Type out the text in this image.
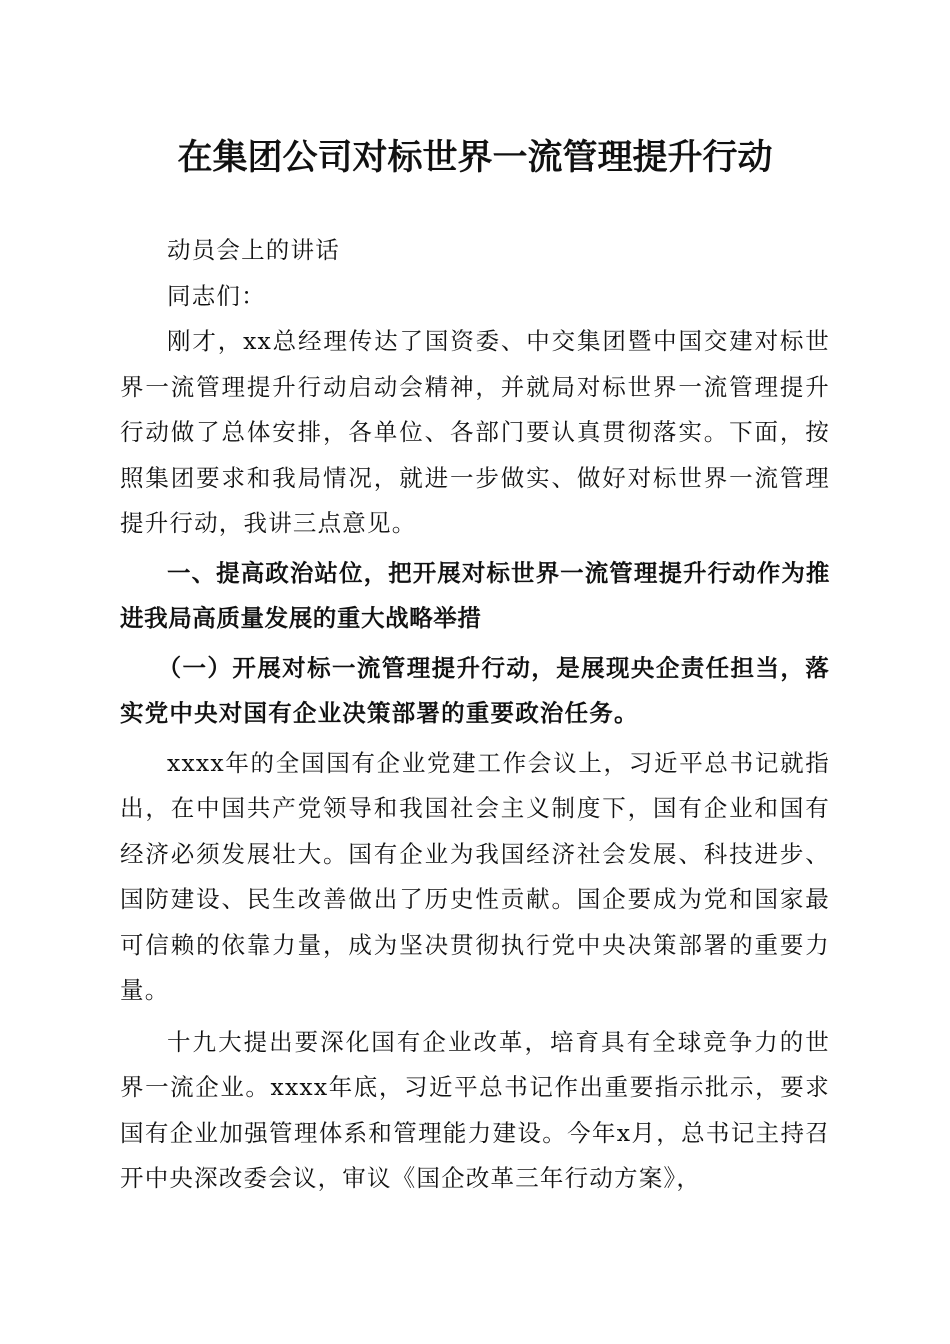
在集团公司对标世界一流管理提升行动

动员会上的讲话

同志们：

刚才，xx总经理传达了国资委、中交集团暨中国交建对标世界一流管理提升行动启动会精神，并就局对标世界一流管理提升行动做了总体安排，各单位、各部门要认真贯彻落实。下面，按照集团要求和我局情况，就进一步做实、做好对标世界一流管理提升行动，我讲三点意见。

一、提高政治站位，把开展对标世界一流管理提升行动作为推进我局高质量发展的重大战略举措

（一）开展对标一流管理提升行动，是展现央企责任担当，落实党中央对国有企业决策部署的重要政治任务。

xxxx年的全国国有企业党建工作会议上，习近平总书记就指出，在中国共产党领导和我国社会主义制度下，国有企业和国有经济必须发展壮大。国有企业为我国经济社会发展、科技进步、国防建设、民生改善做出了历史性贡献。国企要成为党和国家最可信赖的依靠力量，成为坚决贯彻执行党中央决策部署的重要力量。

十九大提出要深化国有企业改革，培育具有全球竞争力的世界一流企业。xxxx年底，习近平总书记作出重要指示批示，要求国有企业加强管理体系和管理能力建设。今年x月，总书记主持召开中央深改委会议，审议《国企改革三年行动方案》，
